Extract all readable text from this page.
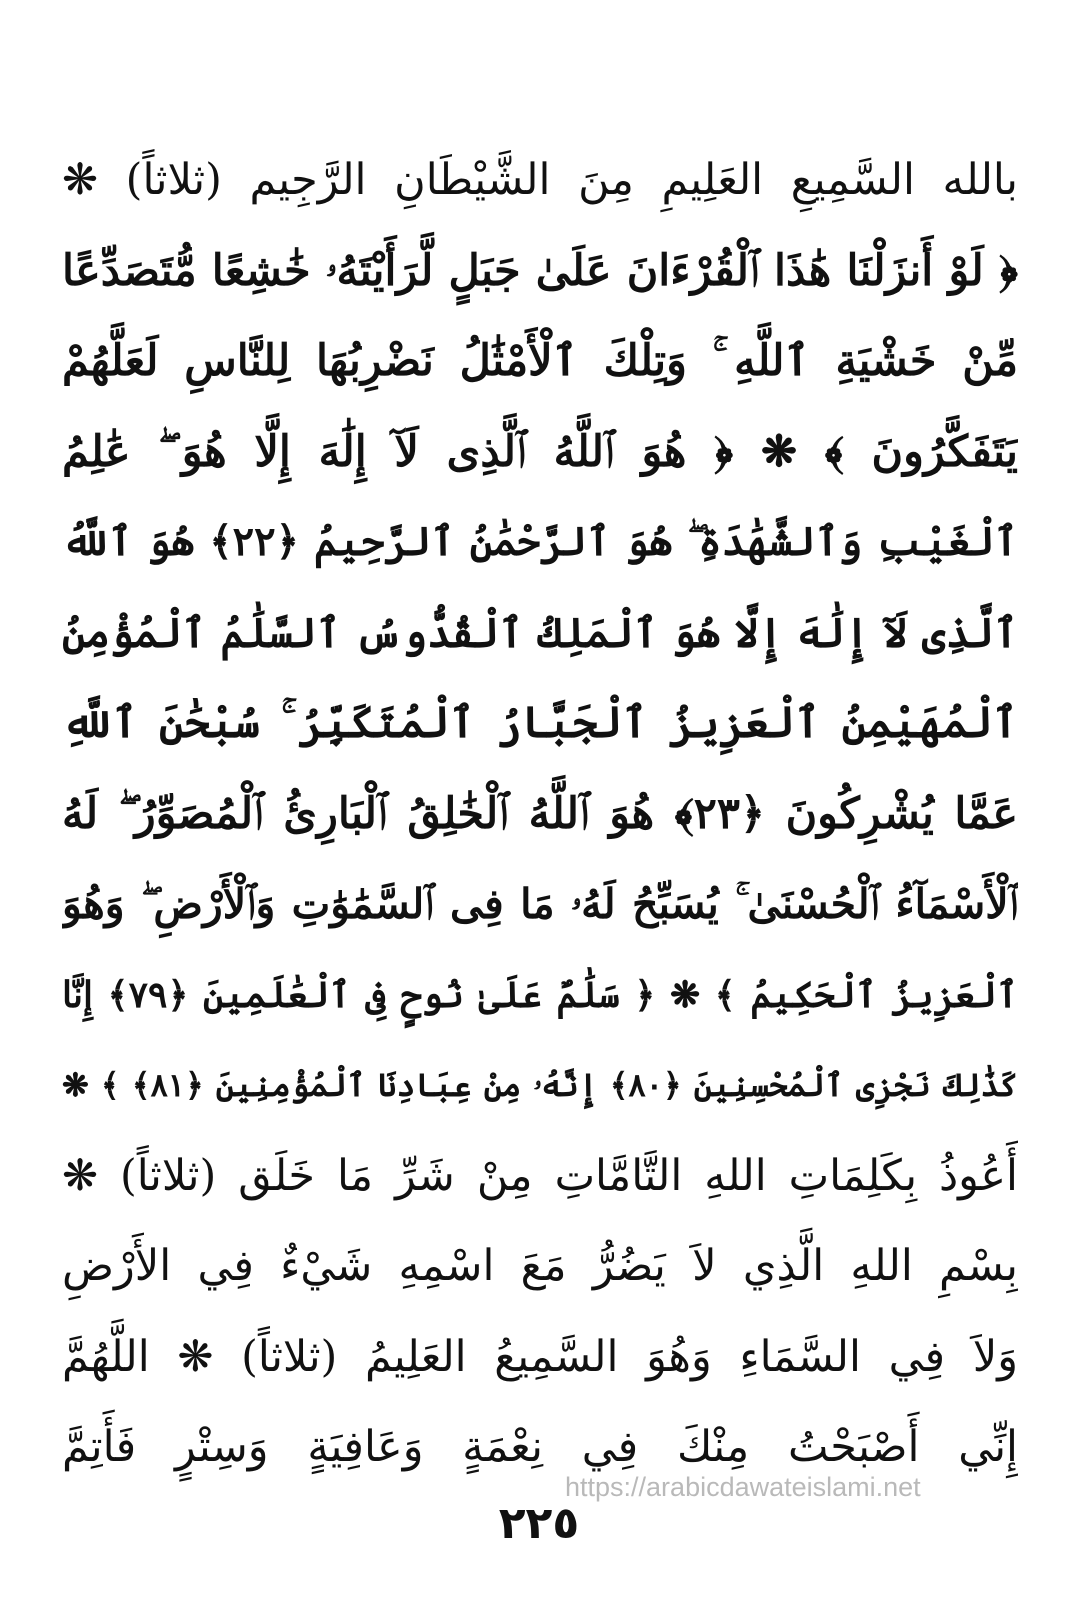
بالله السَّمِيعِ العَلِيمِ مِنَ الشَّيْطَانِ الرَّجِيم (ثلاثاً) ❋
﴿ لَوْ أَنزَلْنَا هَٰذَا ٱلْقُرْءَانَ عَلَىٰ جَبَلٍ لَّرَأَيْتَهُۥ خَٰشِعًا مُّتَصَدِّعًا
مِّنْ خَشْيَةِ ٱللَّهِ ۚ وَتِلْكَ ٱلْأَمْثَٰلُ نَضْرِبُهَا لِلنَّاسِ لَعَلَّهُمْ
يَتَفَكَّرُونَ ﴾ ❋ ﴿ هُوَ ٱللَّهُ ٱلَّذِى لَآ إِلَٰهَ إِلَّا هُوَ ۖ عَٰلِمُ
ٱلْغَيْبِ وَٱلشَّهَٰدَةِ ۖ هُوَ ٱلرَّحْمَٰنُ ٱلرَّحِيمُ ﴿٢٢﴾ هُوَ ٱللَّهُ
ٱلَّذِى لَآ إِلَٰهَ إِلَّا هُوَ ٱلْمَلِكُ ٱلْقُدُّوسُ ٱلسَّلَٰمُ ٱلْمُؤْمِنُ
ٱلْمُهَيْمِنُ ٱلْعَزِيزُ ٱلْجَبَّارُ ٱلْمُتَكَبِّرُ ۚ سُبْحَٰنَ ٱللَّهِ
عَمَّا يُشْرِكُونَ ﴿٢٣﴾ هُوَ ٱللَّهُ ٱلْخَٰلِقُ ٱلْبَارِئُ ٱلْمُصَوِّرُ ۖ لَهُ
ٱلْأَسْمَآءُ ٱلْحُسْنَىٰ ۚ يُسَبِّحُ لَهُۥ مَا فِى ٱلسَّمَٰوَٰتِ وَٱلْأَرْضِ ۖ وَهُوَ
ٱلْعَزِيزُ ٱلْحَكِيمُ ﴾ ❋ ﴿ سَلَٰمٌ عَلَىٰ نُوحٍ فِى ٱلْعَٰلَمِينَ ﴿٧٩﴾ إِنَّا
كَذَٰلِكَ نَجْزِى ٱلْمُحْسِنِينَ ﴿٨٠﴾ إِنَّهُۥ مِنْ عِبَادِنَا ٱلْمُؤْمِنِينَ ﴿٨١﴾ ﴾ ❋
أَعُوذُ بِكَلِمَاتِ اللهِ التَّامَّاتِ مِنْ شَرِّ مَا خَلَق (ثلاثاً) ❋
بِسْمِ اللهِ الَّذِي لاَ يَضُرُّ مَعَ اسْمِهِ شَيْءٌ فِي الأَرْضِ
وَلاَ فِي السَّمَاءِ وَهُوَ السَّمِيعُ العَلِيمُ (ثلاثاً) ❋ اللَّهُمَّ
إِنِّي أَصْبَحْتُ مِنْكَ فِي نِعْمَةٍ وَعَافِيَةٍ وَسِتْرٍ فَأَتِمَّ
https://arabicdawateislami.net
٢٢٥
